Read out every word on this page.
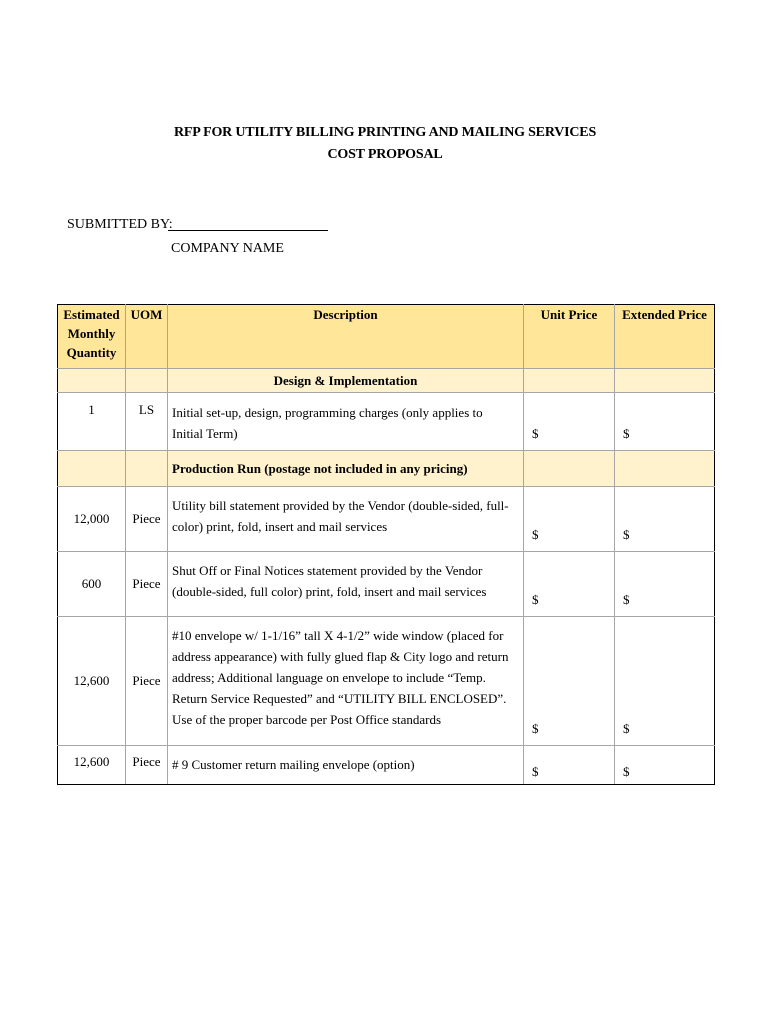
RFP FOR UTILITY BILLING PRINTING AND MAILING SERVICES
COST PROPOSAL
SUBMITTED BY:
COMPANY NAME
Estimated Monthly Quantity	UOM	Description	Unit Price	Extended Price
		Design & Implementation		
1	LS	Initial set-up, design, programming charges (only applies to Initial Term)	$	$
		Production Run (postage not included in any pricing)		
12,000	Piece	Utility bill statement provided by the Vendor (double-sided, full-color) print, fold, insert and mail services	$	$
600	Piece	Shut Off or Final Notices statement provided by the Vendor (double-sided, full color) print, fold, insert and mail services	$	$
12,600	Piece	#10 envelope w/ 1-1/16” tall X 4-1/2” wide window (placed for address appearance) with fully glued flap & City logo and return address; Additional language on envelope to include “Temp. Return Service Requested” and “UTILITY BILL ENCLOSED”. Use of the proper barcode per Post Office standards	$	$
12,600	Piece	# 9 Customer return mailing envelope (option)	$	$
